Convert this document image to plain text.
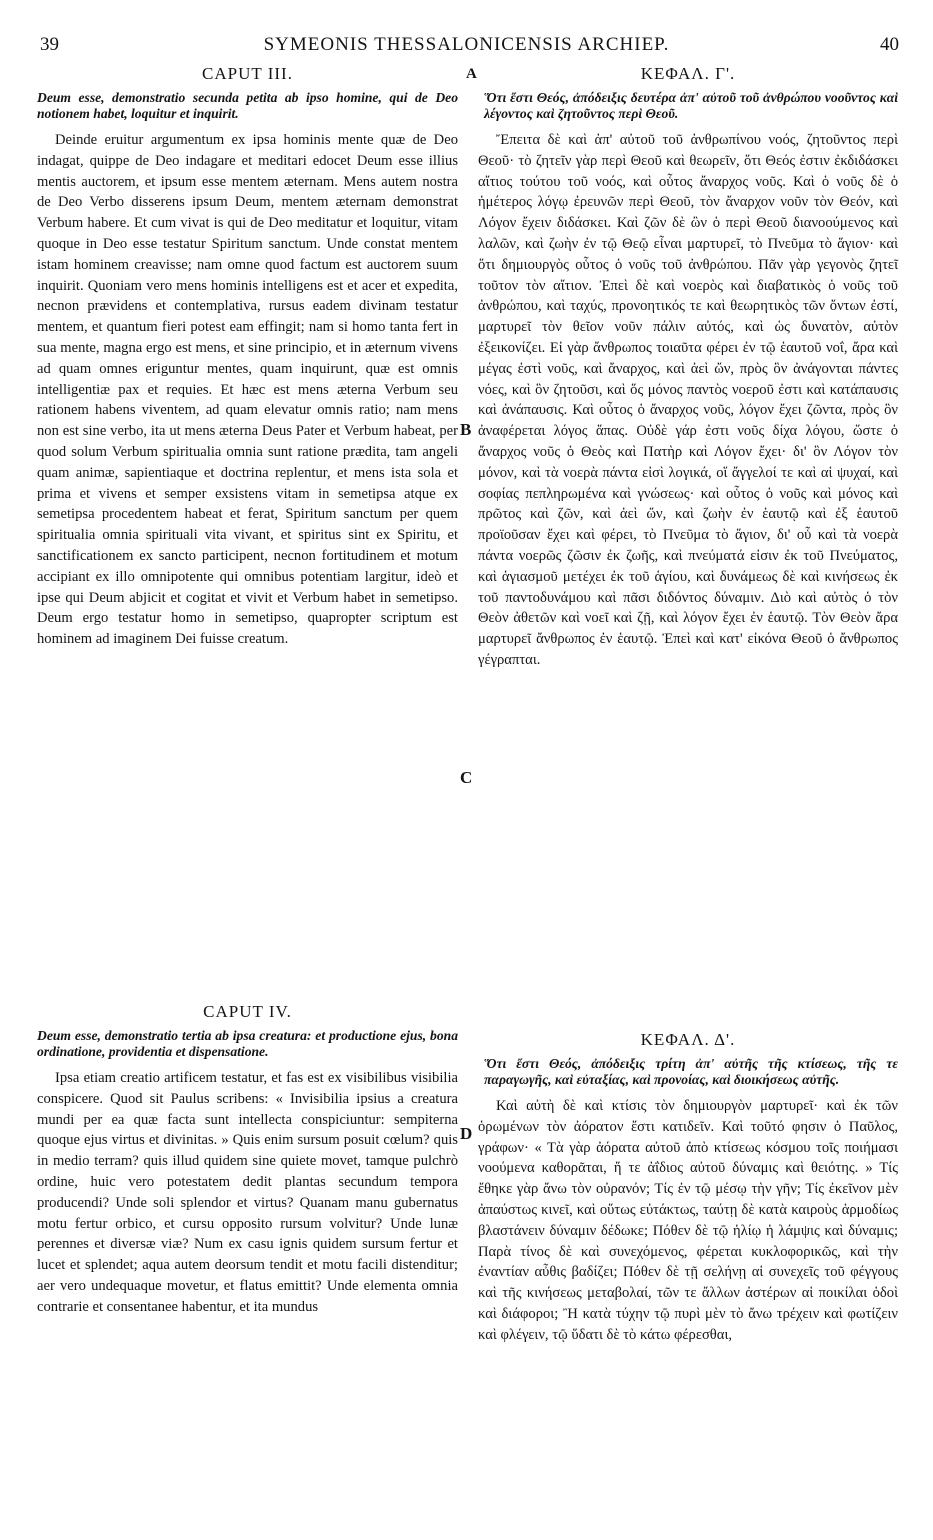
39	SYMEONIS THESSALONICENSIS ARCHIEP.	40
A
CAPUT III.
Deum esse, demonstratio secunda petita ab ipso homine, qui de Deo notionem habet, loquitur et inquirit.

Deinde eruitur argumentum ex ipsa hominis mente quæ de Deo indagat, quippe de Deo indagare et meditari edocet Deum esse illius mentis auctorem, et ipsum esse mentem æternam. Mens autem nostra de Deo Verbo disserens ipsum Deum, mentem æternam demonstrat Verbum habere. Et cum vivat is qui de Deo meditatur et loquitur, vitam quoque in Deo esse testatur Spiritum sanctum. Unde constat mentem istam hominem creavisse; nam omne quod factum est auctorem suum inquirit. Quoniam vero mens hominis intelligens est et acer et expedita, necnon prævidens et contemplativa, rursus eadem divinam testatur mentem, et quantum fieri potest eam effingit; nam si homo tanta fert in sua mente, magna ergo est mens, et sine principio, et in æternum vivens ad quam omnes eriguntur mentes, quam inquirunt, quæ est omnis intelligentiæ pax et requies. Et hæc est mens æterna Verbum seu rationem habens viventem, ad quam elevatur omnis ratio; nam mens non est sine verbo, ita ut mens æterna Deus Pater et Verbum habeat, per quod solum Verbum spiritualia omnia sunt ratione prædita, tam angeli quam animæ, sapientiaque et doctrina replentur, et mens ista sola et prima et vivens et semper exsistens vitam in semetipsa atque ex semetipsa procedentem habeat et ferat, Spiritum sanctum per quem spiritualia omnia spirituali vita vivant, et spiritus sint ex Spiritu, et sanctificationem ex sancto participent, necnon fortitudinem et motum accipiant ex illo omnipotente qui omnibus potentiam largitur, ideò et ipse qui Deum abjicit et cogitat et vivit et Verbum habet in semetipso. Deum ergo testatur homo in semetipso, quapropter scriptum est hominem ad imaginem Dei fuisse creatum.

CAPUT IV.
Deum esse, demonstratio tertia ab ipsa creatura: et productione ejus, bona ordinatione, providentia et dispensatione.

Ipsa etiam creatio artificem testatur, et fas est ex visibilibus visibilia conspicere. Quod sit Paulus scribens: « Invisibilia ipsius a creatura mundi per ea quæ facta sunt intellecta conspiciuntur: sempiterna quoque ejus virtus et divinitas. » Quis enim sursum posuit cœlum? quis in medio terram? quis illud quidem sine quiete movet, tamque pulchrò ordine, huic vero potestatem dedit plantas secundum tempora producendi? Unde soli splendor et virtus? Quanam manu gubernatus motu fertur orbico, et cursu opposito rursum volvitur? Unde lunæ perennes et diversæ viæ? Num ex casu ignis quidem sursum fertur et lucet et splendet; aqua autem deorsum tendit et motu facili distenditur; aer vero undequaque movetur, et flatus emittit? Unde elementa omnia contrarie et consentanee habentur, et ita mundus

ΚΕΦΑΛ. Γ'.
Ὅτι ἔστι Θεός, ἀπόδειξις δευτέρα ἀπ' αὐτοῦ τοῦ ἀνθρώπου νοοῦντος καὶ λέγοντος καὶ ζητοῦντος περὶ Θεοῦ.

Ἔπειτα δὲ καὶ ἀπ' αὐτοῦ τοῦ ἀνθρωπίνου νοός, ζητοῦντος περὶ Θεοῦ· τὸ ζητεῖν γὰρ περὶ Θεοῦ καὶ θεωρεῖν, ὅτι Θεός ἐστιν ἐκδιδάσκει αἴτιος τούτου τοῦ νοός, καὶ οὗτος ἄναρχος νοῦς. Καὶ ὁ νοῦς δὲ ὁ ἡμέτερος λόγῳ ἐρευνῶν περὶ Θεοῦ, τὸν ἄναρχον νοῦν τὸν Θεόν, καὶ Λόγον ἔχειν διδάσκει. Καὶ ζῶν δὲ ὢν ὁ περὶ Θεοῦ διανοούμενος καὶ λαλῶν, καὶ ζωὴν ἐν τῷ Θεῷ εἶναι μαρτυρεῖ, τὸ Πνεῦμα τὸ ἅγιον· καὶ ὅτι δημιουργὸς οὗτος ὁ νοῦς τοῦ ἀνθρώπου. Πᾶν γὰρ γεγονὸς ζητεῖ τοῦτον τὸν αἴτιον. Ἐπεὶ δὲ καὶ νοερὸς καὶ διαβατικὸς ὁ νοῦς τοῦ ἀνθρώπου, καὶ ταχύς, προνοητικός τε καὶ θεωρητικὸς τῶν ὄντων ἐστί, μαρτυρεῖ τὸν θεῖον νοῦν πάλιν αὐτός, καὶ ὡς δυνατὸν, αὐτὸν ἐξεικονίζει. Εἰ γὰρ ἄνθρωπος τοιαῦτα φέρει ἐν τῷ ἑαυτοῦ νοΐ, ἄρα καὶ μέγας ἐστὶ νοῦς, καὶ ἄναρχος, καὶ ἀεὶ ὤν, πρὸς ὃν ἀνάγονται πάντες νόες, καὶ ὃν ζητοῦσι, καὶ ὅς μόνος παντὸς νοεροῦ ἐστι καὶ κατάπαυσις καὶ ἀνάπαυσις. Καὶ οὗτος ὁ ἄναρχος νοῦς, λόγον ἔχει ζῶντα, πρὸς ὃν ἀναφέρεται λόγος ἅπας. Οὐδὲ γάρ ἐστι νοῦς δίχα λόγου, ὥστε ὁ ἄναρχος νοῦς ὁ Θεὸς καὶ Πατὴρ καὶ Λόγον ἔχει· δι' ὃν Λόγον τὸν μόνον, καὶ τὰ νοερὰ πάντα εἰσὶ λογικά, οἵ ἄγγελοί τε καὶ αἱ ψυχαί, καὶ σοφίας πεπληρωμένα καὶ γνώσεως· καὶ οὗτος ὁ νοῦς καὶ μόνος καὶ πρῶτος καὶ ζῶν, καὶ ἀεὶ ὤν, καὶ ζωὴν ἐν ἑαυτῷ καὶ ἐξ ἑαυτοῦ προϊοῦσαν ἔχει καὶ φέρει, τὸ Πνεῦμα τὸ ἅγιον, δι' οὗ καὶ τὰ νοερὰ πάντα νοερῶς ζῶσιν ἐκ ζωῆς, καὶ πνεύματά εἰσιν ἐκ τοῦ Πνεύματος, καὶ ἁγιασμοῦ μετέχει ἐκ τοῦ ἁγίου, καὶ δυνάμεως δὲ καὶ κινήσεως ἐκ τοῦ παντοδυνάμου καὶ πᾶσι διδόντος δύναμιν. Διὸ καὶ αὐτὸς ὁ τὸν Θεὸν ἀθετῶν καὶ νοεῖ καὶ ζῇ, καὶ λόγον ἔχει ἐν ἑαυτῷ. Τὸν Θεὸν ἄρα μαρτυρεῖ ἄνθρωπος ἐν ἑαυτῷ. Ἐπεὶ καὶ κατ' εἰκόνα Θεοῦ ὁ ἄνθρωπος γέγραπται.

ΚΕΦΑΛ. Δ'.
Ὅτι ἔστι Θεός, ἀπόδειξις τρίτη ἀπ' αὐτῆς τῆς κτίσεως, τῆς τε παραγωγῆς, καὶ εὐταξίας, καὶ προνοίας, καὶ διοικήσεως αὐτῆς.

Καὶ αὐτὴ δὲ καὶ κτίσις τὸν δημιουργὸν μαρτυρεῖ· καὶ ἐκ τῶν ὁρωμένων τὸν ἀόρατον ἔστι κατιδεῖν. Καὶ τοῦτό φησιν ὁ Παῦλος, γράφων· « Τὰ γὰρ ἀόρατα αὐτοῦ ἀπὸ κτίσεως κόσμου τοῖς ποιήμασι νοούμενα καθορᾶται, ἥ τε ἀΐδιος αὐτοῦ δύναμις καὶ θειότης. » Τίς ἔθηκε γὰρ ἄνω τὸν οὐρανόν; Τίς ἐν τῷ μέσῳ τὴν γῆν; Τίς ἐκεῖνον μὲν ἀπαύστως κινεῖ, καὶ οὕτως εὐτάκτως, ταύτῃ δὲ κατὰ καιροὺς ἁρμοδίως βλαστάνειν δύναμιν δέδωκε; Πόθεν δὲ τῷ ἡλίῳ ἡ λάμψις καὶ δύναμις; Παρὰ τίνος δὲ καὶ συνεχόμενος, φέρεται κυκλοφορικῶς, καὶ τὴν ἐναντίαν αὖθις βαδίζει; Πόθεν δὲ τῇ σελήνῃ αἱ συνεχεῖς τοῦ φέγγους καὶ τῆς κινήσεως μεταβολαί, τῶν τε ἄλλων ἀστέρων αἱ ποικίλαι ὁδοὶ καὶ διάφοροι; Ἢ κατὰ τύχην τῷ πυρὶ μὲν τὸ ἄνω τρέχειν καὶ φωτίζειν καὶ φλέγειν, τῷ ὕδατι δὲ τὸ κάτω φέρεσθαι,

B
C
D
